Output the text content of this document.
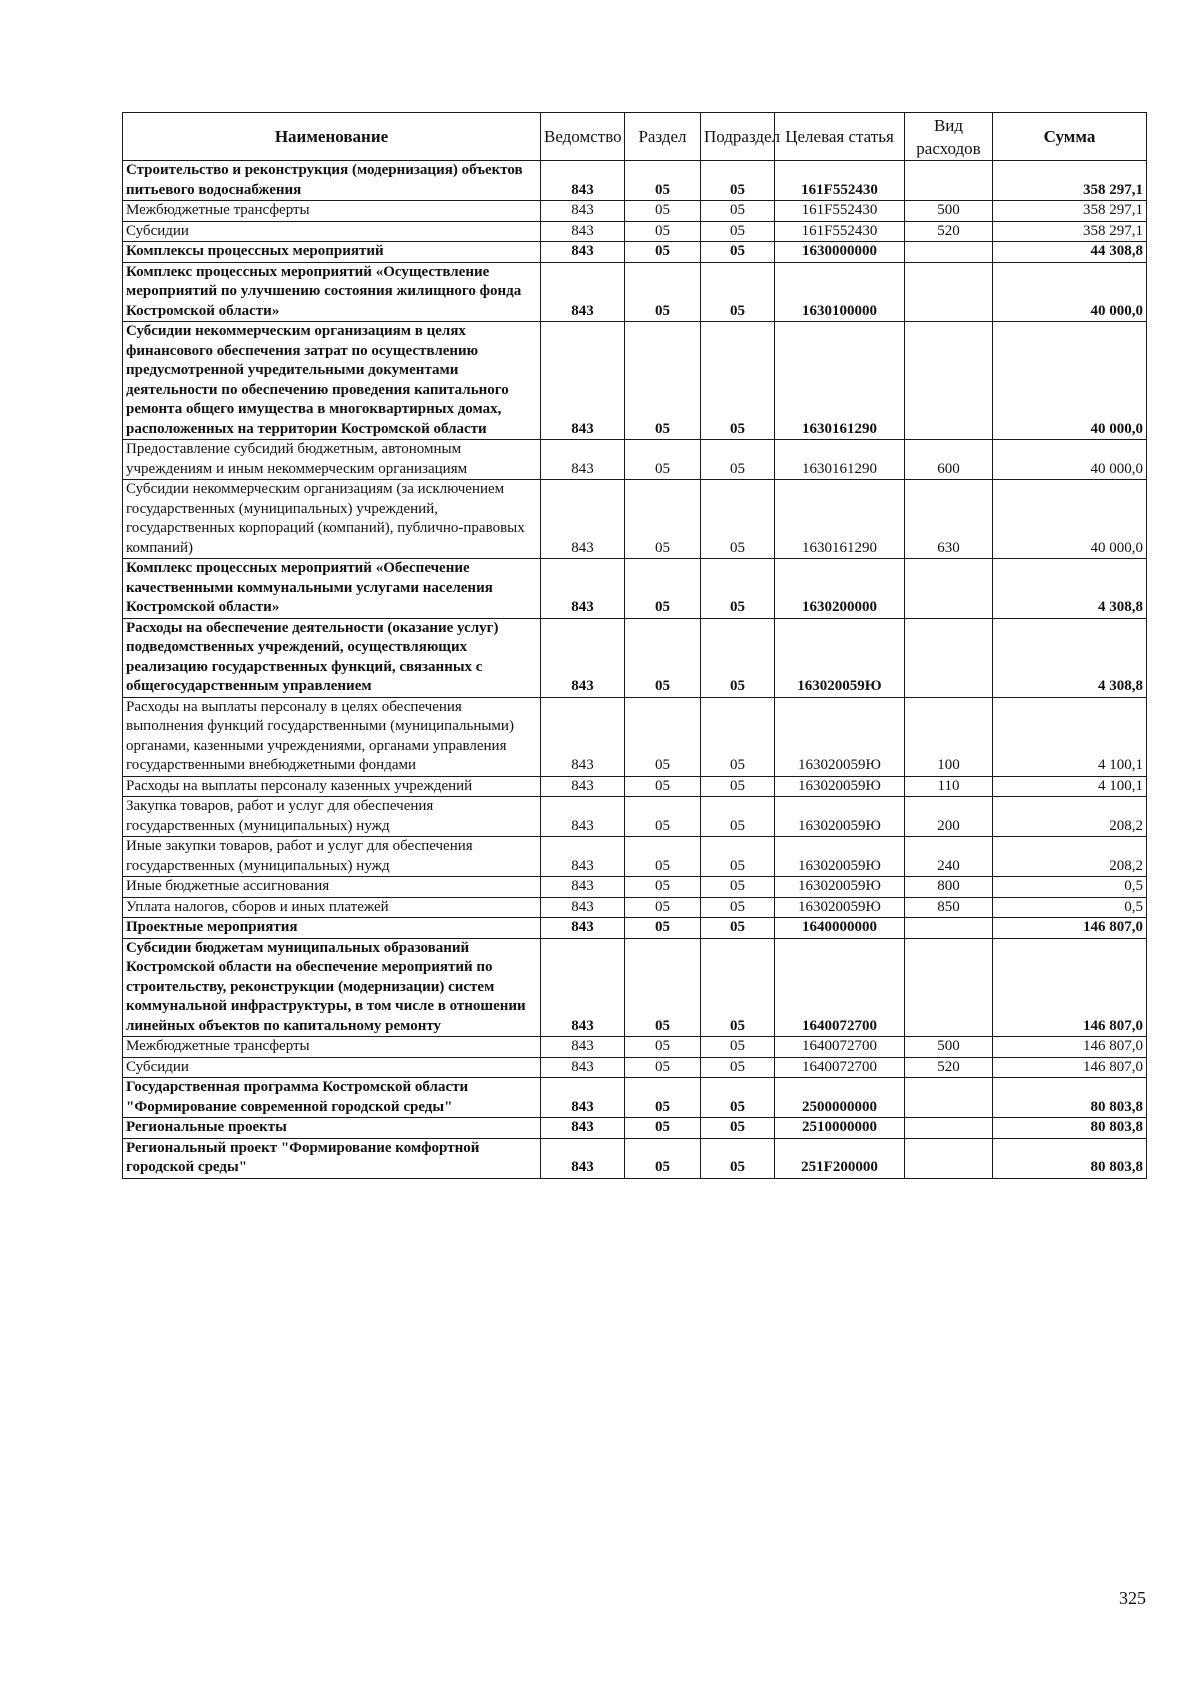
Наименование	Ведомство	Раздел	Подраздел	Целевая статья	Вид расходов	Сумма
Строительство и реконструкция (модернизация) объектов питьевого водоснабжения	843	05	05	161F552430		358 297,1
Межбюджетные трансферты	843	05	05	161F552430	500	358 297,1
Субсидии	843	05	05	161F552430	520	358 297,1
Комплексы процессных мероприятий	843	05	05	1630000000		44 308,8
Комплекс процессных мероприятий «Осуществление мероприятий по улучшению состояния жилищного фонда Костромской области»	843	05	05	1630100000		40 000,0
Субсидии некоммерческим организациям в целях финансового обеспечения затрат по осуществлению предусмотренной учредительными документами деятельности по обеспечению проведения капитального ремонта общего имущества в многоквартирных домах, расположенных на территории Костромской области	843	05	05	1630161290		40 000,0
Предоставление субсидий бюджетным, автономным учреждениям и иным некоммерческим организациям	843	05	05	1630161290	600	40 000,0
Субсидии некоммерческим организациям (за исключением государственных (муниципальных) учреждений, государственных корпораций (компаний), публично-правовых компаний)	843	05	05	1630161290	630	40 000,0
Комплекс процессных мероприятий «Обеспечение качественными коммунальными услугами населения Костромской области»	843	05	05	1630200000		4 308,8
Расходы на обеспечение деятельности (оказание услуг) подведомственных учреждений, осуществляющих реализацию государственных функций, связанных с общегосударственным управлением	843	05	05	163020059Ю		4 308,8
Расходы на выплаты персоналу в целях обеспечения выполнения функций государственными (муниципальными) органами, казенными учреждениями, органами управления государственными внебюджетными фондами	843	05	05	163020059Ю	100	4 100,1
Расходы на выплаты персоналу казенных учреждений	843	05	05	163020059Ю	110	4 100,1
Закупка товаров, работ и услуг для обеспечения государственных (муниципальных) нужд	843	05	05	163020059Ю	200	208,2
Иные закупки товаров, работ и услуг для обеспечения государственных (муниципальных) нужд	843	05	05	163020059Ю	240	208,2
Иные бюджетные ассигнования	843	05	05	163020059Ю	800	0,5
Уплата налогов, сборов и иных платежей	843	05	05	163020059Ю	850	0,5
Проектные мероприятия	843	05	05	1640000000		146 807,0
Субсидии бюджетам муниципальных образований Костромской области на обеспечение мероприятий по строительству, реконструкции (модернизации) систем коммунальной инфраструктуры, в том числе в отношении линейных объектов по капитальному ремонту	843	05	05	1640072700		146 807,0
Межбюджетные трансферты	843	05	05	1640072700	500	146 807,0
Субсидии	843	05	05	1640072700	520	146 807,0
Государственная программа Костромской области "Формирование современной городской среды"	843	05	05	2500000000		80 803,8
Региональные проекты	843	05	05	2510000000		80 803,8
Региональный проект "Формирование комфортной городской среды"	843	05	05	251F200000		80 803,8
325
